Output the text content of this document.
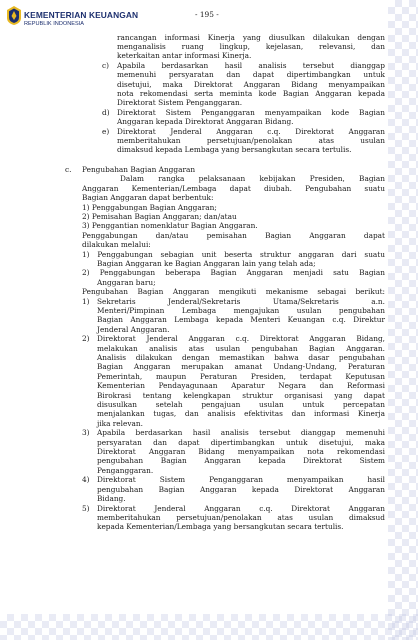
KEMENTERIAN KEUANGAN
REPUBLIK INDONESIA
- 195 -
rancangan informasi Kinerja yang diusulkan dilakukan dengan
menganalisis ruang lingkup, kejelasan, relevansi, dan
keterkaitan antar informasi Kinerja.
c) Apabila berdasarkan hasil analisis tersebut dianggap
memenuhi persyaratan dan dapat dipertimbangkan untuk
disetujui, maka Direktorat Anggaran Bidang menyampaikan
nota rekomendasi serta meminta kode Bagian Anggaran kepada
Direktorat Sistem Penganggaran.
d) Direktorat Sistem Penganggaran menyampaikan kode Bagian
Anggaran kepada Direktorat Anggaran Bidang.
e) Direktorat Jenderal Anggaran c.q. Direktorat Anggaran
memberitahukan persetujuan/penolakan atas usulan
dimaksud kepada Lembaga yang bersangkutan secara tertulis.
c. Pengubahan Bagian Anggaran
Dalam rangka pelaksanaan kebijakan Presiden, Bagian
Anggaran Kementerian/Lembaga dapat diubah. Pengubahan suatu
Bagian Anggaran dapat berbentuk:
1) Penggabungan Bagian Anggaran;
2) Pemisahan Bagian Anggaran; dan/atau
3) Penggantian nomenklatur Bagian Anggaran.
Penggabungan dan/atau pemisahan Bagian Anggaran dapat
dilakukan melalui:
1) Penggabungan sebagian unit beserta struktur anggaran dari suatu
Bagian Anggaran ke Bagian Anggaran lain yang telah ada;
2) Penggabungan beberapa Bagian Anggaran menjadi satu Bagian
Anggaran baru;
Pengubahan Bagian Anggaran mengikuti mekanisme sebagai berikut:
1) Sekretaris Jenderal/Sekretaris Utama/Sekretaris a.n.
Menteri/Pimpinan Lembaga mengajukan usulan pengubahan
Bagian Anggaran Lembaga kepada Menteri Keuangan c.q. Direktur
Jenderal Anggaran.
2) Direktorat Jenderal Anggaran c.q. Direktorat Anggaran Bidang,
melakukan analisis atas usulan pengubahan Bagian Anggaran.
Analisis dilakukan dengan memastikan bahwa dasar pengubahan
Bagian Anggaran merupakan amanat Undang-Undang, Peraturan
Pemerintah, maupun Peraturan Presiden, terdapat Keputusan
Kementerian Pendayagunaan Aparatur Negara dan Reformasi
Birokrasi tentang kelengkapan struktur organisasi yang dapat
disusulkan setelah pengajuan usulan untuk percepatan
menjalankan tugas, dan analisis efektivitas dan informasi Kinerja
jika relevan.
3) Apabila berdasarkan hasil analisis tersebut dianggap memenuhi
persyaratan dan dapat dipertimbangkan untuk disetujui, maka
Direktorat Anggaran Bidang menyampaikan nota rekomendasi
pengubahan Bagian Anggaran kepada Direktorat Sistem
Penganggaran.
4) Direktorat Sistem Penganggaran menyampaikan hasil
pengubahan Bagian Anggaran kepada Direktorat Anggaran
Bidang.
5) Direktorat Jenderal Anggaran c.q. Direktorat Anggaran
memberitahukan persetujuan/penolakan atas usulan dimaksud
kepada Kementerian/Lembaga yang bersangkutan secara tertulis.
